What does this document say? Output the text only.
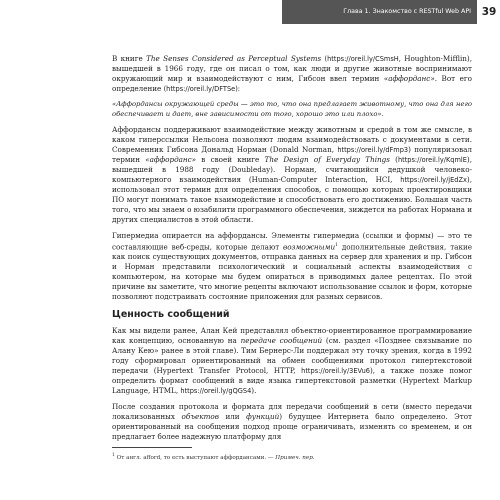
Глава 1. Знакомство с RESTful Web API	39

В книге The Senses Considered as Perceptual Systems (https://oreil.ly/CSmsH, Houghton-Mifflin), вышедшей в 1966 году, где он писал о том, как люди и другие животные воспринимают окружающий мир и взаимодействуют с ним, Гибсон ввел термин «аффорданс». Вот его определение (https://oreil.ly/DFTSe):

«Аффордансы окружающей среды — это то, что она предлагает животному, что она для него обеспечивает и дает, вне зависимости от того, хорошо это или плохо».

Аффордансы поддерживают взаимодействие между животным и средой в том же смысле, в каком гиперссылки Нельсона позволяют людям взаимодействовать с документами в сети. Современник Гибсона Дональд Норман (Donald Norman, https://oreil.ly/dFmp3) популяризовал термин «аффорданс» в своей книге The Design of Everyday Things (https://oreil.ly/KqmlE), вышедшей в 1988 году (Doubleday). Норман, считающийся дедушкой человеко-компьютерного взаимодействия (Human-Computer Interaction, HCI, https://oreil.ly/jEdZx), использовал этот термин для определения способов, с помощью которых проектировщики ПО могут понимать такое взаимодействие и способствовать его достижению. Большая часть того, что мы знаем о юзабилити программного обеспечения, зиждется на работах Нормана и других специалистов в этой области.

Гипермедиа опирается на аффордансы. Элементы гипермедиа (ссылки и формы) — это те составляющие веб-среды, которые делают возможными$^1$ дополнительные действия, такие как поиск существующих документов, отправка данных на сервер для хранения и пр. Гибсон и Норман представили психологический и социальный аспекты взаимодействия с компьютером, на которые мы будем опираться в приводимых далее рецептах. По этой причине вы заметите, что многие рецепты включают использование ссылок и форм, которые позволяют подстраивать состояние приложения для разных сервисов.

Ценность сообщений

Как мы видели ранее, Алан Кей представлял объектно-ориентированное программирование как концепцию, основанную на передаче сообщений (см. раздел «Позднее связывание по Алану Кею» ранее в этой главе). Тим Бернерс-Ли поддержал эту точку зрения, когда в 1992 году сформировал ориентированный на обмен сообщениями протокол гипертекстовой передачи (Hypertext Transfer Protocol, HTTP, https://oreil.ly/3EVu6), а также позже помог определить формат сообщений в виде языка гипертекстовой разметки (Hypertext Markup Language, HTML, https://oreil.ly/gQGS4).

После создания протокола и формата для передачи сообщений в сети (вместо передачи локализованных объектов или функций) будущее Интернета было определено. Этот ориентированный на сообщения подход проще ограничивать, изменять со временем, и он предлагает более надежную платформу для

$^1$ От англ. afford, то есть выступают аффордансами. — Примеч. пер.
